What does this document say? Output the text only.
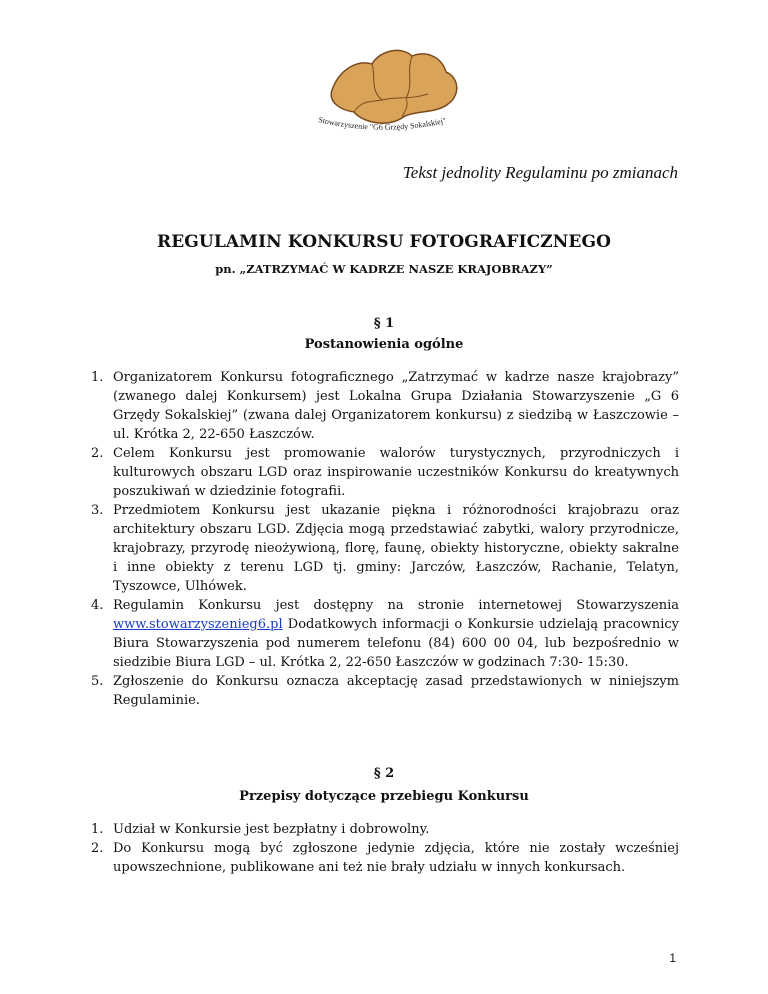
Stowarzyszenie "G6 Grzędy Sokalskiej"
Tekst jednolity Regulaminu po zmianach
REGULAMIN KONKURSU FOTOGRAFICZNEGO
pn. „ZATRZYMAĆ W KADRZE NASZE KRAJOBRAZY”
§ 1
Postanowienia ogólne
1. Organizatorem Konkursu fotograficznego „Zatrzymać w kadrze nasze krajobrazy” (zwanego dalej Konkursem) jest Lokalna Grupa Działania Stowarzyszenie „G 6 Grzędy Sokalskiej” (zwana dalej Organizatorem konkursu) z siedzibą w Łaszczowie – ul. Krótka 2, 22-650 Łaszczów.
2. Celem Konkursu jest promowanie walorów turystycznych, przyrodniczych i kulturowych obszaru LGD oraz inspirowanie uczestników Konkursu do kreatywnych poszukiwań w dziedzinie fotografii.
3. Przedmiotem Konkursu jest ukazanie piękna i różnorodności krajobrazu oraz architektury obszaru LGD. Zdjęcia mogą przedstawiać zabytki, walory przyrodnicze, krajobrazy, przyrodę nieożywioną, florę, faunę, obiekty historyczne, obiekty sakralne i inne obiekty z terenu LGD tj. gminy: Jarczów, Łaszczów, Rachanie, Telatyn, Tyszowce, Ulhówek.
4. Regulamin Konkursu jest dostępny na stronie internetowej Stowarzyszenia www.stowarzyszenieg6.pl Dodatkowych informacji o Konkursie udzielają pracownicy Biura Stowarzyszenia pod numerem telefonu (84) 600 00 04, lub bezpośrednio w siedzibie Biura LGD – ul. Krótka 2, 22-650 Łaszczów w godzinach 7:30- 15:30.
5. Zgłoszenie do Konkursu oznacza akceptację zasad przedstawionych w niniejszym Regulaminie.
§ 2
Przepisy dotyczące przebiegu Konkursu
1. Udział w Konkursie jest bezpłatny i dobrowolny.
2. Do Konkursu mogą być zgłoszone jedynie zdjęcia, które nie zostały wcześniej upowszechnione, publikowane ani też nie brały udziału w innych konkursach.
1
